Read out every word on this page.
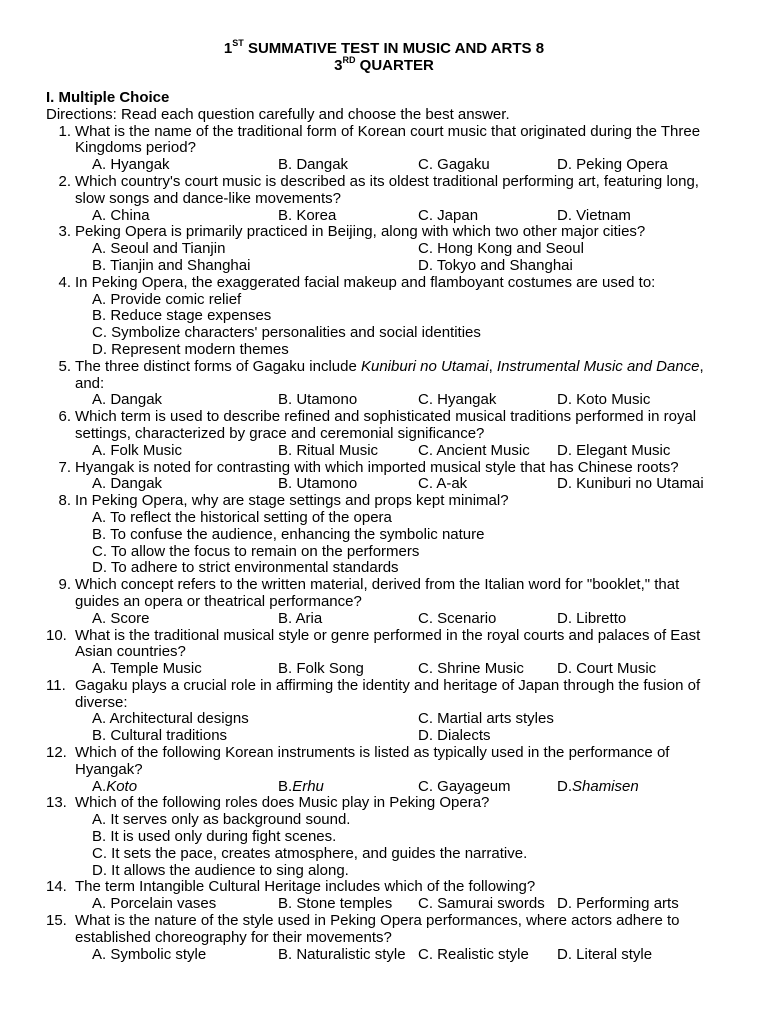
1ST SUMMATIVE TEST IN MUSIC AND ARTS 8
3RD QUARTER
I. Multiple Choice
Directions: Read each question carefully and choose the best answer.
1. What is the name of the traditional form of Korean court music that originated during the Three Kingdoms period?
A. Hyangak	B. Dangak	C. Gagaku	D. Peking Opera
2. Which country's court music is described as its oldest traditional performing art, featuring long, slow songs and dance-like movements?
A. China	B. Korea	C. Japan	D. Vietnam
3. Peking Opera is primarily practiced in Beijing, along with which two other major cities?
A. Seoul and Tianjin	C. Hong Kong and Seoul
B. Tianjin and Shanghai	D. Tokyo and Shanghai
4. In Peking Opera, the exaggerated facial makeup and flamboyant costumes are used to:
A. Provide comic relief
B. Reduce stage expenses
C. Symbolize characters' personalities and social identities
D. Represent modern themes
5. The three distinct forms of Gagaku include Kuniburi no Utamai, Instrumental Music and Dance, and:
A. Dangak	B. Utamono	C. Hyangak	D. Koto Music
6. Which term is used to describe refined and sophisticated musical traditions performed in royal settings, characterized by grace and ceremonial significance?
A. Folk Music	B. Ritual Music	C. Ancient Music	D. Elegant Music
7. Hyangak is noted for contrasting with which imported musical style that has Chinese roots?
A. Dangak	B. Utamono	C. A-ak	D. Kuniburi no Utamai
8. In Peking Opera, why are stage settings and props kept minimal?
A. To reflect the historical setting of the opera
B. To confuse the audience, enhancing the symbolic nature
C. To allow the focus to remain on the performers
D. To adhere to strict environmental standards
9. Which concept refers to the written material, derived from the Italian word for "booklet," that guides an opera or theatrical performance?
A. Score	B. Aria	C. Scenario	D. Libretto
10. What is the traditional musical style or genre performed in the royal courts and palaces of East Asian countries?
A. Temple Music	B. Folk Song	C. Shrine Music	D. Court Music
11. Gagaku plays a crucial role in affirming the identity and heritage of Japan through the fusion of diverse:
A. Architectural designs	C. Martial arts styles
B. Cultural traditions	D. Dialects
12. Which of the following Korean instruments is listed as typically used in the performance of Hyangak?
A.Koto	B.Erhu	C. Gayageum	D.Shamisen
13. Which of the following roles does Music play in Peking Opera?
A. It serves only as background sound.
B. It is used only during fight scenes.
C. It sets the pace, creates atmosphere, and guides the narrative.
D. It allows the audience to sing along.
14. The term Intangible Cultural Heritage includes which of the following?
A. Porcelain vases	B. Stone temples	C. Samurai swords D. Performing arts
15. What is the nature of the style used in Peking Opera performances, where actors adhere to established choreography for their movements?
A. Symbolic style	B. Naturalistic style C. Realistic style	D. Literal style
